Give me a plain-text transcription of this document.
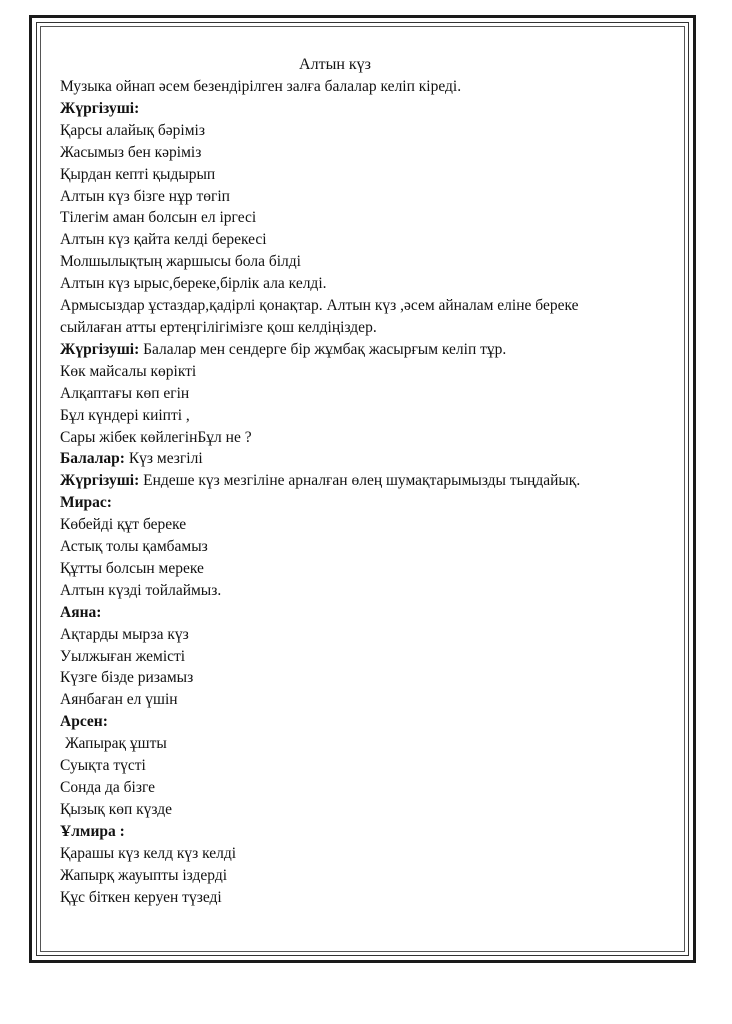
Алтын күз
Музыка ойнап әсем безендірілген залға балалар келіп кіреді.
Жүргізуші:
Қарсы алайық бәріміз
Жасымыз бен кәріміз
Қырдан кепті қыдырып
Алтын күз бізге нұр төгіп
Тілегім аман болсын ел іргесі
Алтын күз қайта келді берекесі
Молшылықтың жаршысы бола білді
Алтын күз ырыс,береке,бірлік ала келді.
Армысыздар ұстаздар,қадірлі қонақтар. Алтын күз ,әсем айналам еліне береке
сыйлаған атты ертеңгілігімізге қош келдіңіздер.
Жүргізуші: Балалар мен сендерге бір жұмбақ жасырғым келіп тұр.
Көк майсалы көрікті
Алқаптағы көп егін
Бұл күндері киіпті ,
Сары жібек көйлегінБұл не ?
Балалар: Күз мезгілі
Жүргізуші: Ендеше күз мезгіліне арналған өлең шумақтарымызды тыңдайық.
Мирас:
Көбейді құт береке
Астық толы қамбамыз
Құтты болсын мереке
Алтын күзді тойлаймыз.
Аяна:
Ақтарды мырза күз
Уылжыған жемісті
Күзге бізде ризамыз
Аянбаған ел үшін
Арсен:
Жапырақ ұшты
Суықта түсті
Сонда да бізге
Қызық көп күзде
Ұлмира :
Қарашы күз келд күз келді
Жапырқ жауыпты іздерді
Құс біткен керуен түзеді
